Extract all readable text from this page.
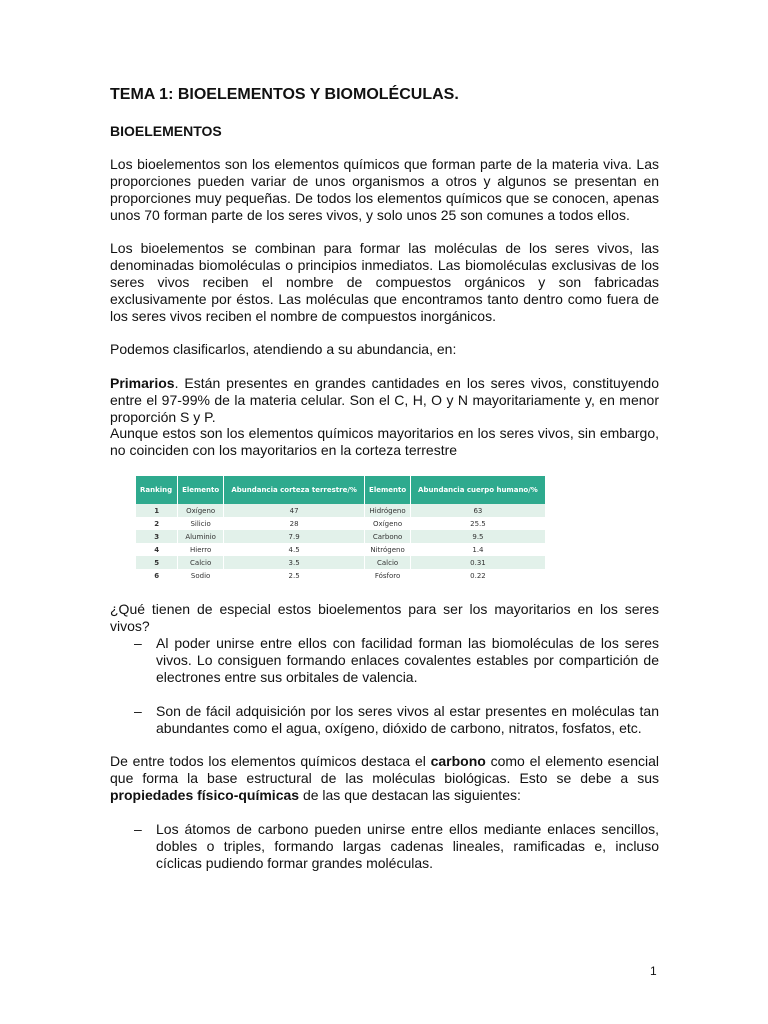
TEMA 1: BIOELEMENTOS Y BIOMOLÉCULAS.
BIOELEMENTOS

Los bioelementos son los elementos químicos que forman parte de la materia viva. Las proporciones pueden variar de unos organismos a otros y algunos se presentan en proporciones muy pequeñas. De todos los elementos químicos que se conocen, apenas unos 70 forman parte de los seres vivos, y solo unos 25 son comunes a todos ellos.

Los bioelementos se combinan para formar las moléculas de los seres vivos, las denominadas biomoléculas o principios inmediatos. Las biomoléculas exclusivas de los seres vivos reciben el nombre de compuestos orgánicos y son fabricadas exclusivamente por éstos. Las moléculas que encontramos tanto dentro como fuera de los seres vivos reciben el nombre de compuestos inorgánicos.

Podemos clasificarlos, atendiendo a su abundancia, en:

Primarios. Están presentes en grandes cantidades en los seres vivos, constituyendo entre el 97-99% de la materia celular. Son el C, H, O y N mayoritariamente y, en menor proporción S y P.

Aunque estos son los elementos químicos mayoritarios en los seres vivos, sin embargo, no coinciden con los mayoritarios en la corteza terrestre

Ranking	Elemento	Abundancia corteza terrestre/%	Elemento	Abundancia cuerpo humano/%
1	Oxígeno	47	Hidrógeno	63
2	Silicio	28	Oxígeno	25.5
3	Aluminio	7.9	Carbono	9.5
4	Hierro	4.5	Nitrógeno	1.4
5	Calcio	3.5	Calcio	0.31
6	Sodio	2.5	Fósforo	0.22

¿Qué tienen de especial estos bioelementos para ser los mayoritarios en los seres vivos?

– Al poder unirse entre ellos con facilidad forman las biomoléculas de los seres vivos. Lo consiguen formando enlaces covalentes estables por compartición de electrones entre sus orbitales de valencia.

– Son de fácil adquisición por los seres vivos al estar presentes en moléculas tan abundantes como el agua, oxígeno, dióxido de carbono, nitratos, fosfatos, etc.

De entre todos los elementos químicos destaca el carbono como el elemento esencial que forma la base estructural de las moléculas biológicas. Esto se debe a sus propiedades físico-químicas de las que destacan las siguientes:

– Los átomos de carbono pueden unirse entre ellos mediante enlaces sencillos, dobles o triples, formando largas cadenas lineales, ramificadas e, incluso cíclicas pudiendo formar grandes moléculas.

1
